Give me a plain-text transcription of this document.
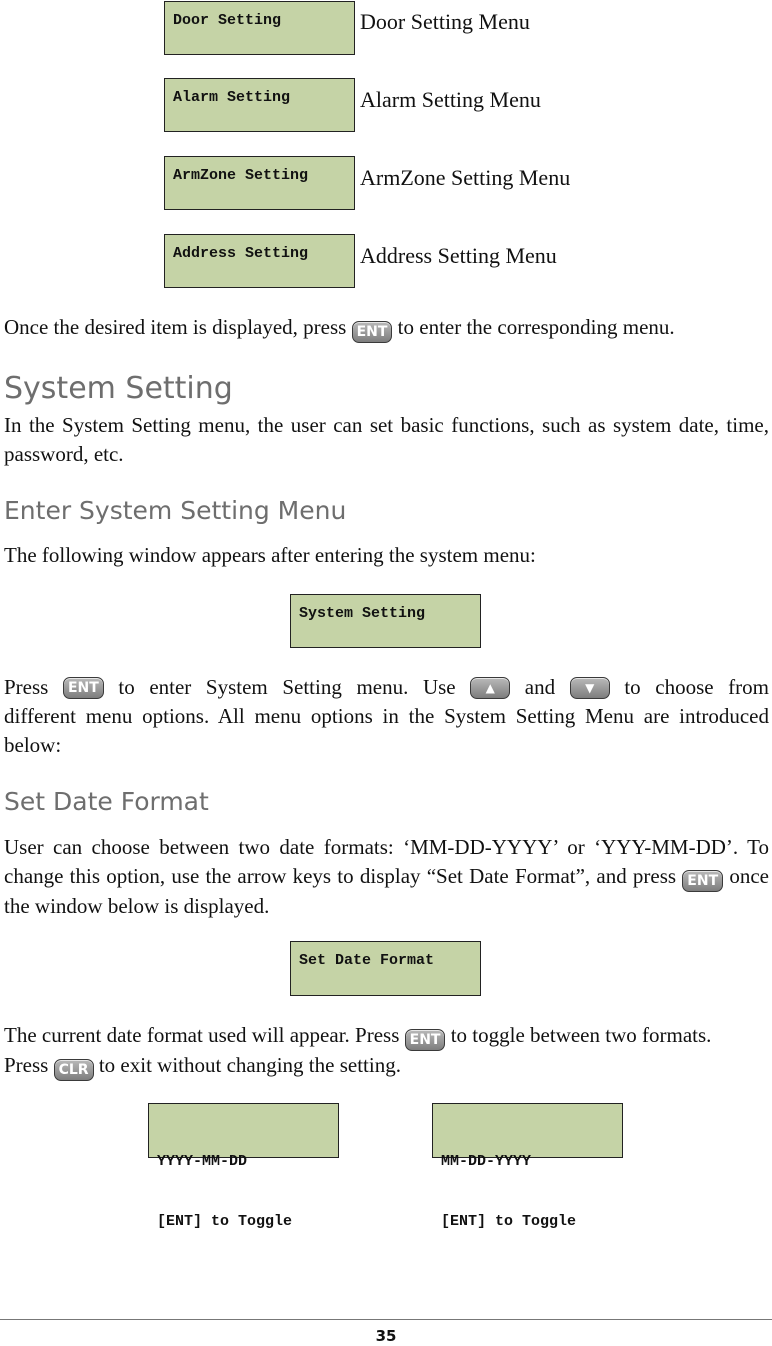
Door Setting	Door Setting Menu
Alarm Setting	Alarm Setting Menu
ArmZone Setting	ArmZone Setting Menu
Address Setting	Address Setting Menu

Once the desired item is displayed, press ENT to enter the corresponding menu.

System Setting

In the System Setting menu, the user can set basic functions, such as system date, time, password, etc.

Enter System Setting Menu

The following window appears after entering the system menu:

System Setting
Press	ENT to enter System Setting menu. Use	▲	and	▼	to choose from
different menu options. All menu options in the System Setting Menu are introduced below:
Set Date Format

User can choose between two date formats: ‘MM-DD-YYYY’ or ‘YYY-MM-DD’. To change this option, use the arrow keys to display “Set Date Format”, and press ENT once the window below is displayed.

Set Date Format

The current date format used will appear. Press ENT to toggle between two formats.
Press CLR to exit without changing the setting.

YYYY-MM-DD

[ENT] to Toggle

MM-DD-YYYY

[ENT] to Toggle

35
